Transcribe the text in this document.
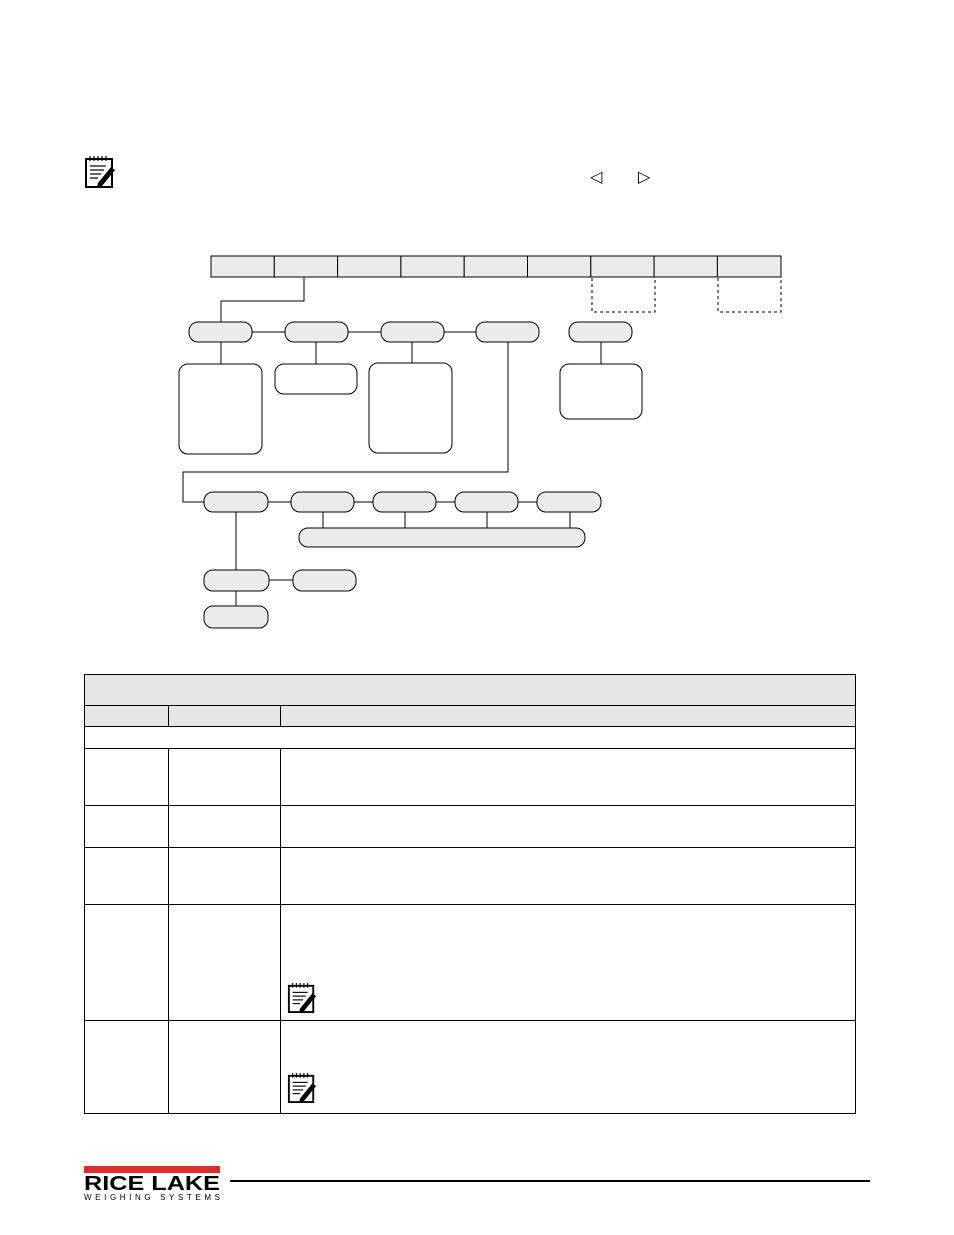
◁ ▷

RICE LAKE
WEIGHING SYSTEMS
